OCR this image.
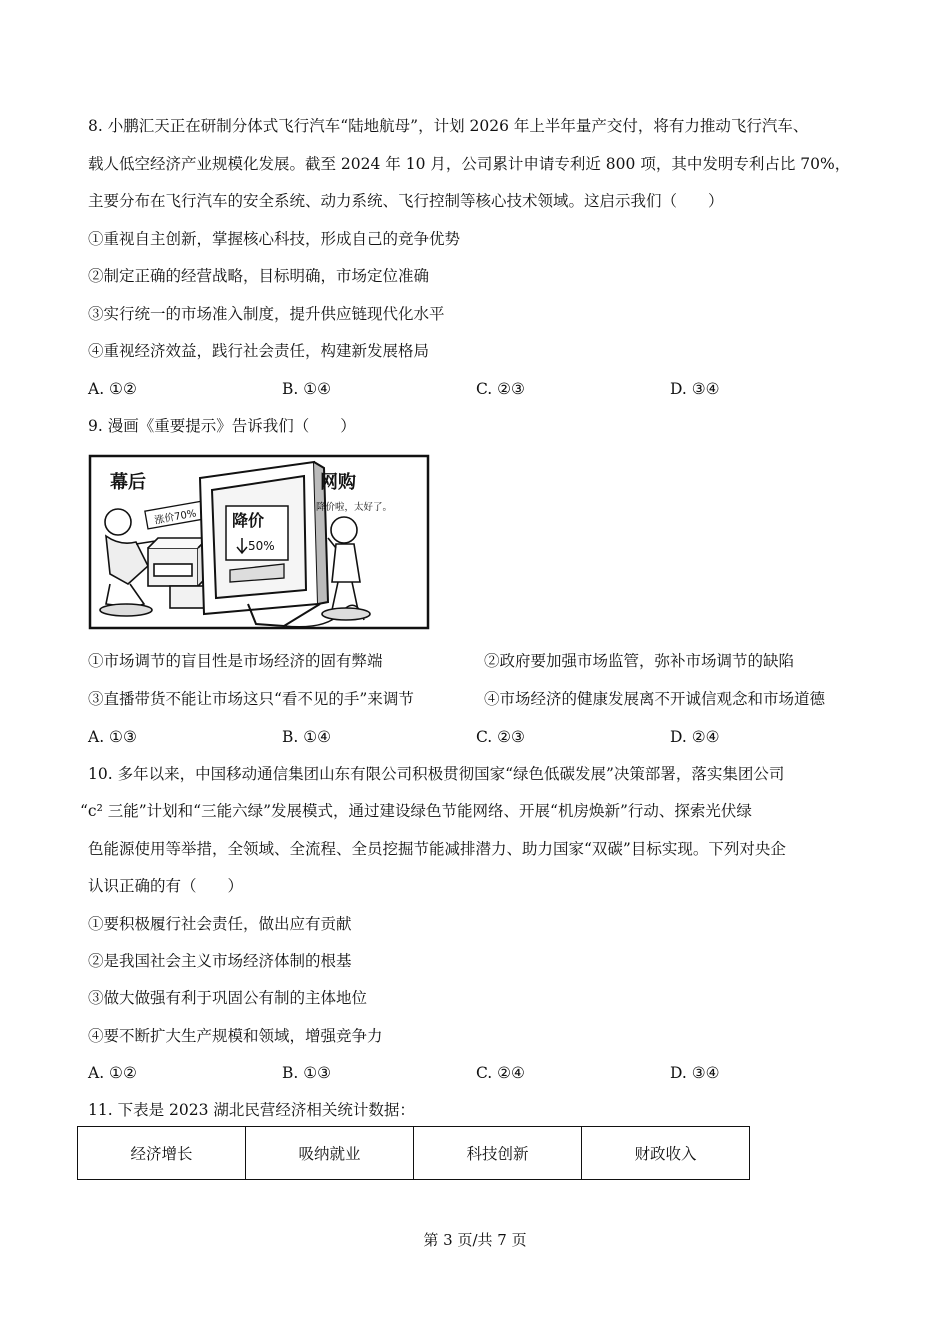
8. 小鹏汇天正在研制分体式飞行汽车“陆地航母”，计划 2026 年上半年量产交付，将有力推动飞行汽车、
载人低空经济产业规模化发展。截至 2024 年 10 月，公司累计申请专利近 800 项，其中发明专利占比 70%，
主要分布在飞行汽车的安全系统、动力系统、飞行控制等核心技术领域。这启示我们（　　）
①重视自主创新，掌握核心科技，形成自己的竞争优势
②制定正确的经营战略，目标明确，市场定位准确
③实行统一的市场准入制度，提升供应链现代化水平
④重视经济效益，践行社会责任，构建新发展格局
A. ①②	B. ①④	C. ②③	D. ③④
9. 漫画《重要提示》告诉我们（　　）
涨价70%
幕后
降价
50%
网购
降价啦，太好了。
①市场调节的盲目性是市场经济的固有弊端	②政府要加强市场监管，弥补市场调节的缺陷
③直播带货不能让市场这只“看不见的手”来调节	④市场经济的健康发展离不开诚信观念和市场道德
A. ①③	B. ①④	C. ②③	D. ②④
10. 多年以来，中国移动通信集团山东有限公司积极贯彻国家“绿色低碳发展”决策部署，落实集团公司
“c² 三能”计划和“三能六绿”发展模式，通过建设绿色节能网络、开展“机房焕新”行动、探索光伏绿
色能源使用等举措，全领域、全流程、全员挖掘节能减排潜力、助力国家“双碳”目标实现。下列对央企
认识正确的有（　　）
①要积极履行社会责任，做出应有贡献
②是我国社会主义市场经济体制的根基
③做大做强有利于巩固公有制的主体地位
④要不断扩大生产规模和领域，增强竞争力
A. ①②	B. ①③	C. ②④	D. ③④
11. 下表是 2023 湖北民营经济相关统计数据：
经济增长	吸纳就业	科技创新	财政收入
第 3 页/共 7 页
